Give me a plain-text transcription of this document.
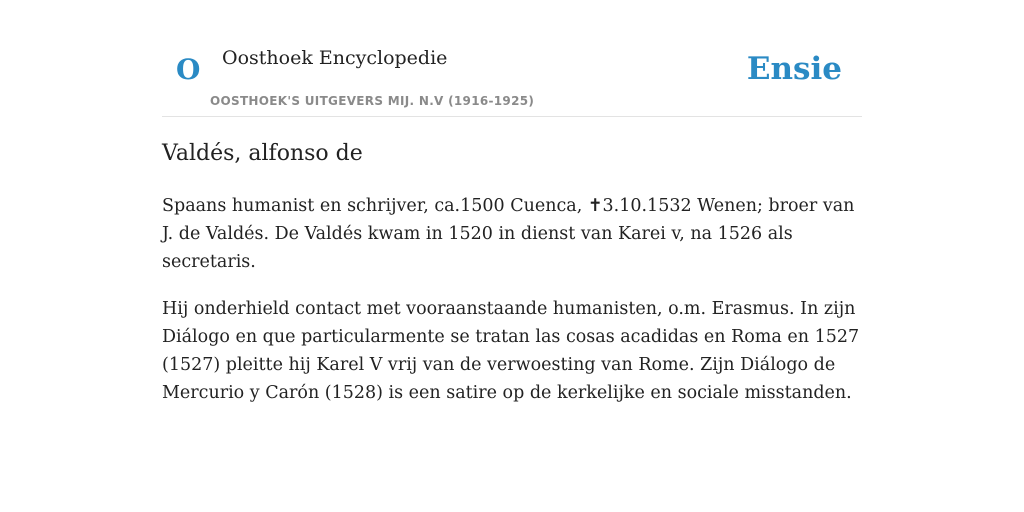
O Oosthoek Encyclopedie
OOSTHOEK'S UITGEVERS MIJ. N.V (1916-1925)
Ensie
Valdés, alfonso de

Spaans humanist en schrijver, ca.1500 Cuenca, ✝3.10.1532 Wenen; broer van J. de Valdés. De Valdés kwam in 1520 in dienst van Karei v, na 1526 als secretaris.

Hij onderhield contact met vooraanstaande humanisten, o.m. Erasmus. In zijn Diálogo en que particularmente se tratan las cosas acadidas en Roma en 1527 (1527) pleitte hij Karel V vrij van de verwoesting van Rome. Zijn Diálogo de Mercurio y Carón (1528) is een satire op de kerkelijke en sociale misstanden.
